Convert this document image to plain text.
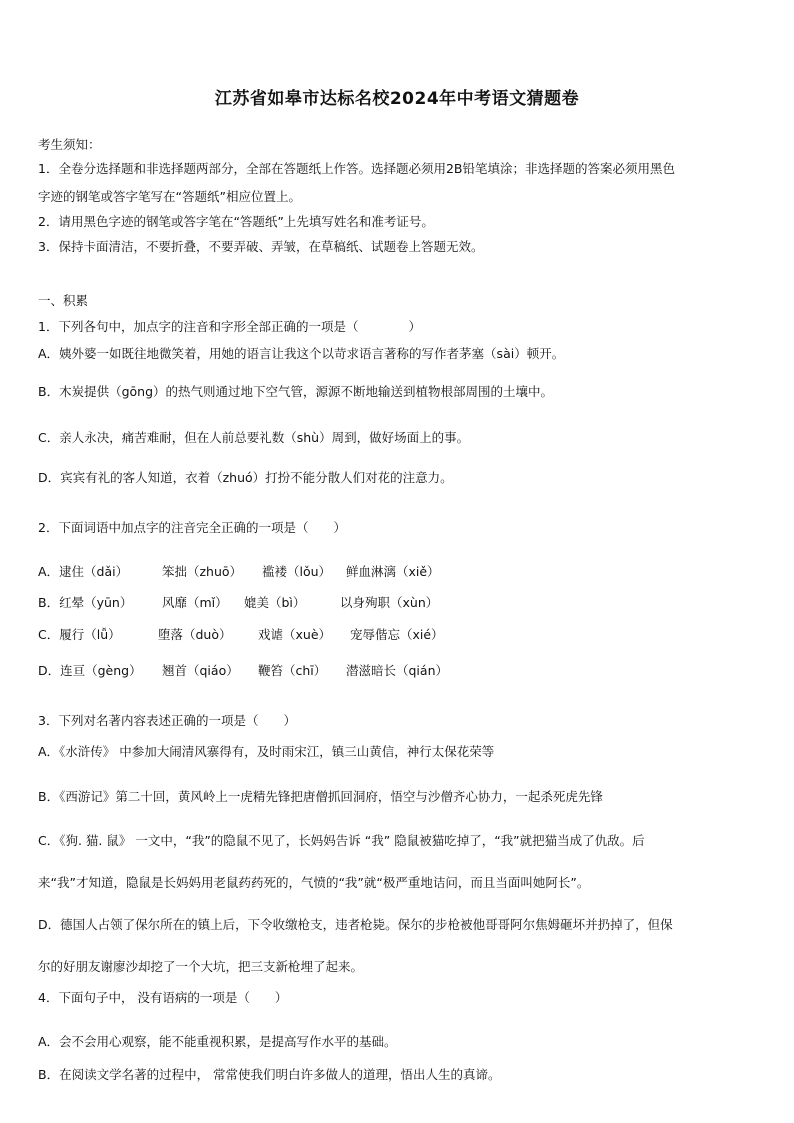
江苏省如皋市达标名校2024年中考语文猜题卷
考生须知：
1．全卷分选择题和非选择题两部分，全部在答题纸上作答。选择题必须用2B铅笔填涂；非选择题的答案必须用黑色
字迹的钢笔或答字笔写在“答题纸”相应位置上。
2．请用黑色字迹的钢笔或答字笔在“答题纸”上先填写姓名和准考证号。
3．保持卡面清洁，不要折叠，不要弄破、弄皱，在草稿纸、试题卷上答题无效。
一、积累
1．下列各句中，加点字的注音和字形全部正确的一项是（　　　　）
A．姨外婆一如既往地微笑着，用她的语言让我这个以苛求语言著称的写作者茅塞（sài）顿开。
B．木炭提供（gōng）的热气则通过地下空气管，源源不断地输送到植物根部周围的土壤中。
C．亲人永决，痛苦难耐，但在人前总要礼数（shù）周到，做好场面上的事。
D．宾宾有礼的客人知道，衣着（zhuó）打扮不能分散人们对花的注意力。
2．下面词语中加点字的注音完全正确的一项是（　　）
A．逮住（dǎi）	笨拙（zhuō） 褴褛（lǒu） 鲜血淋漓（xiě）
B．红晕（yūn） 风靡（mǐ） 媲美（bì）	以身殉职（xùn）
C．履行（lǚ）	堕落（duò） 戏谑（xuè） 宠辱偕忘（xié）
D．连亘（gèng） 翘首（qiáo） 鞭笞（chī） 潜滋暗长（qián）
3．下列对名著内容表述正确的一项是（　　）
A．《水浒传》 中参加大闹清风寨得有，及时雨宋江，镇三山黄信，神行太保花荣等
B．《西游记》第二十回，黄风岭上一虎精先锋把唐僧抓回洞府，悟空与沙僧齐心协力，一起杀死虎先锋
C．《狗. 猫. 鼠》 一文中，“我”的隐鼠不见了，长妈妈告诉 “我” 隐鼠被猫吃掉了，“我”就把猫当成了仇敌。后
来“我”才知道，隐鼠是长妈妈用老鼠药药死的，气愤的“我”就“极严重地诘问，而且当面叫她阿长”。
D．德国人占领了保尔所在的镇上后，下令收缴枪支，违者枪毙。保尔的步枪被他哥哥阿尔焦姆砸坏并扔掉了，但保
尔的好朋友谢廖沙却挖了一个大坑，把三支新枪埋了起来。
4．下面句子中， 没有语病的一项是（　　）
A．会不会用心观察，能不能重视积累，是提高写作水平的基础。
B．在阅读文学名著的过程中， 常常使我们明白许多做人的道理，悟出人生的真谛。
